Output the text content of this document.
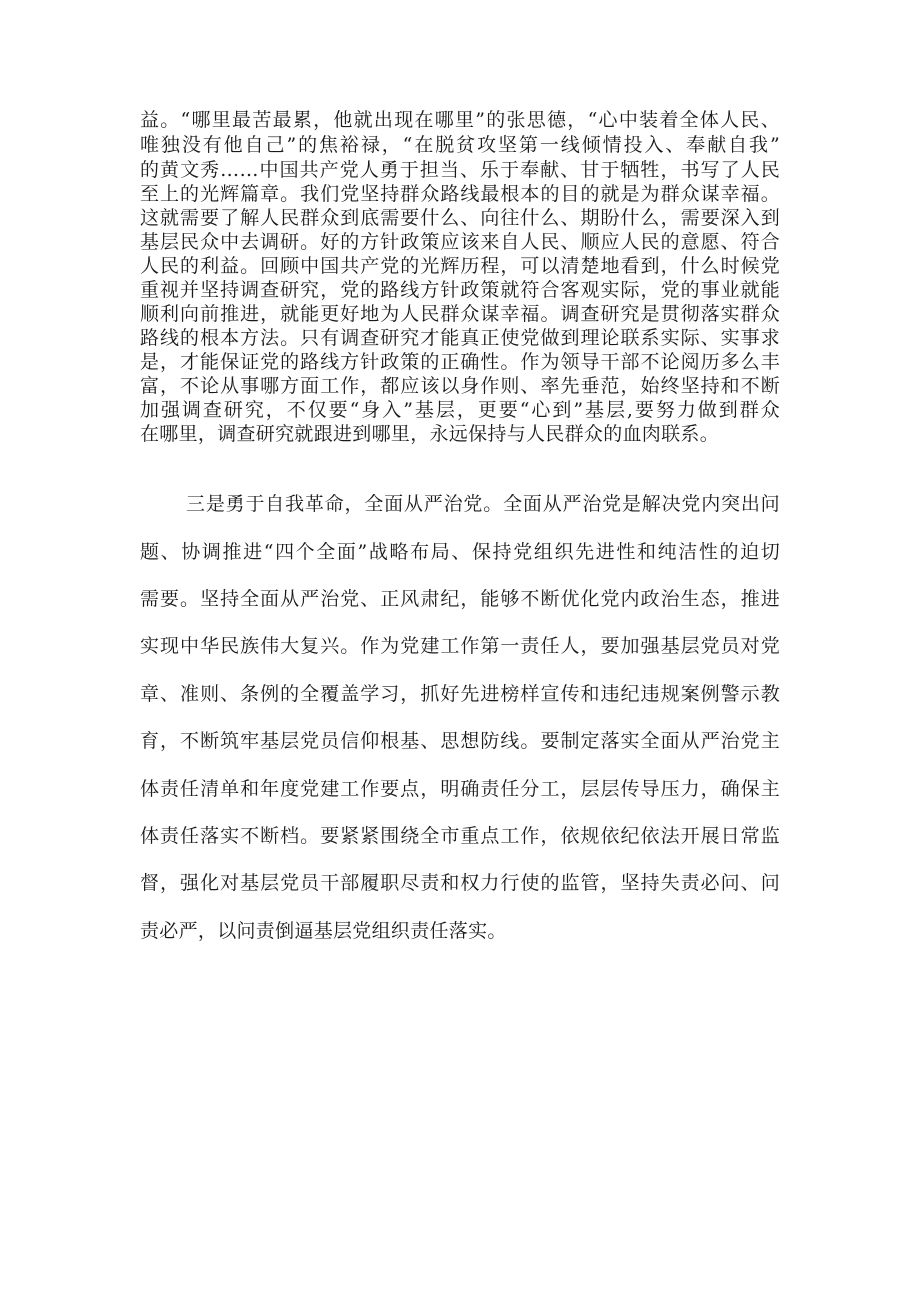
益。“哪里最苦最累，他就出现在哪里”的张思德，“心中装着全体人民、
唯独没有他自己”的焦裕禄，“在脱贫攻坚第一线倾情投入、奉献自我”
的黄文秀……中国共产党人勇于担当、乐于奉献、甘于牺牲，书写了人民
至上的光辉篇章。我们党坚持群众路线最根本的目的就是为群众谋幸福。
这就需要了解人民群众到底需要什么、向往什么、期盼什么，需要深入到
基层民众中去调研。好的方针政策应该来自人民、顺应人民的意愿、符合
人民的利益。回顾中国共产党的光辉历程，可以清楚地看到，什么时候党
重视并坚持调查研究，党的路线方针政策就符合客观实际，党的事业就能
顺利向前推进，就能更好地为人民群众谋幸福。调查研究是贯彻落实群众
路线的根本方法。只有调查研究才能真正使党做到理论联系实际、实事求
是，才能保证党的路线方针政策的正确性。作为领导干部不论阅历多么丰
富，不论从事哪方面工作，都应该以身作则、率先垂范，始终坚持和不断
加强调查研究，不仅要“身入”基层，更要“心到”基层,要努力做到群众
在哪里，调查研究就跟进到哪里，永远保持与人民群众的血肉联系。
三是勇于自我革命，全面从严治党。全面从严治党是解决党内突出问
题、协调推进“四个全面”战略布局、保持党组织先进性和纯洁性的迫切
需要。坚持全面从严治党、正风肃纪，能够不断优化党内政治生态，推进
实现中华民族伟大复兴。作为党建工作第一责任人，要加强基层党员对党
章、准则、条例的全覆盖学习，抓好先进榜样宣传和违纪违规案例警示教
育，不断筑牢基层党员信仰根基、思想防线。要制定落实全面从严治党主
体责任清单和年度党建工作要点，明确责任分工，层层传导压力，确保主
体责任落实不断档。要紧紧围绕全市重点工作，依规依纪依法开展日常监
督，强化对基层党员干部履职尽责和权力行使的监管，坚持失责必问、问
责必严，以问责倒逼基层党组织责任落实。
